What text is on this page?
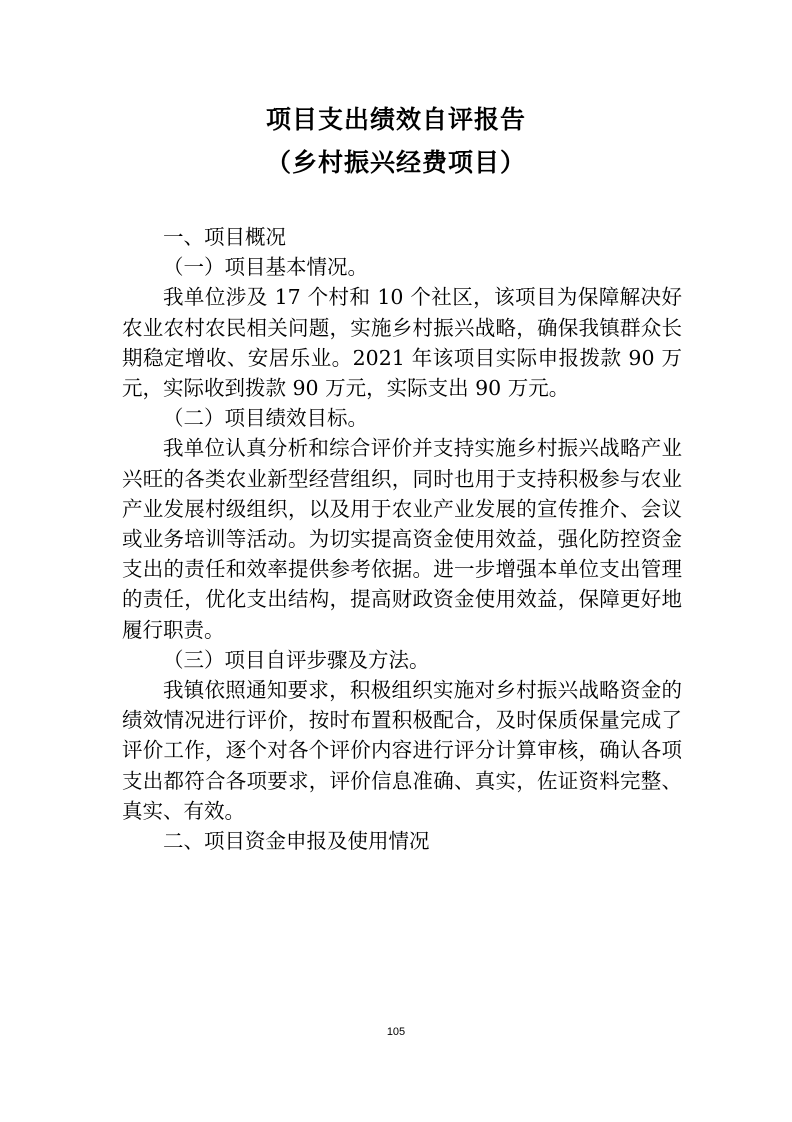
项目支出绩效自评报告
（乡村振兴经费项目）

一、项目概况

（一）项目基本情况。

我单位涉及 17 个村和 10 个社区，该项目为保障解决好农业农村农民相关问题，实施乡村振兴战略，确保我镇群众长期稳定增收、安居乐业。2021 年该项目实际申报拨款 90 万元，实际收到拨款 90 万元，实际支出 90 万元。

（二）项目绩效目标。

我单位认真分析和综合评价并支持实施乡村振兴战略产业兴旺的各类农业新型经营组织，同时也用于支持积极参与农业产业发展村级组织，以及用于农业产业发展的宣传推介、会议或业务培训等活动。为切实提高资金使用效益，强化防控资金支出的责任和效率提供参考依据。进一步增强本单位支出管理的责任，优化支出结构，提高财政资金使用效益，保障更好地履行职责。

（三）项目自评步骤及方法。

我镇依照通知要求，积极组织实施对乡村振兴战略资金的绩效情况进行评价，按时布置积极配合，及时保质保量完成了评价工作，逐个对各个评价内容进行评分计算审核，确认各项支出都符合各项要求，评价信息准确、真实，佐证资料完整、真实、有效。

二、项目资金申报及使用情况

105
